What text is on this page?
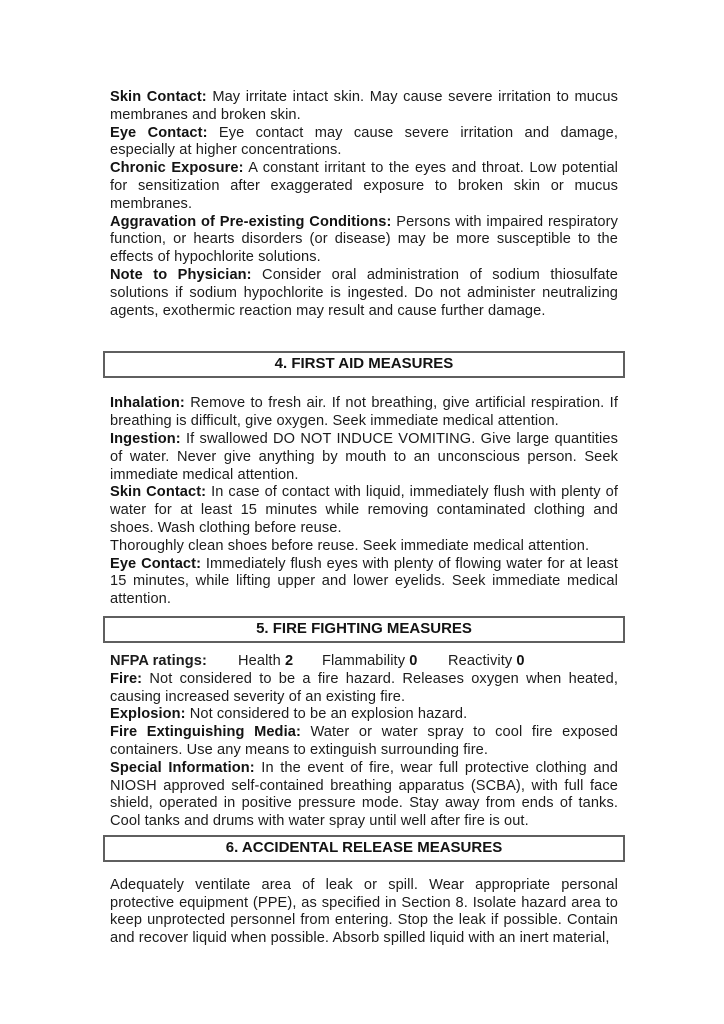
Skin Contact: May irritate intact skin. May cause severe irritation to mucus membranes and broken skin.

Eye Contact: Eye contact may cause severe irritation and damage, especially at higher concentrations.

Chronic Exposure: A constant irritant to the eyes and throat. Low potential for sensitization after exaggerated exposure to broken skin or mucus membranes.

Aggravation of Pre-existing Conditions: Persons with impaired respiratory function, or hearts disorders (or disease) may be more susceptible to the effects of hypochlorite solutions.

Note to Physician: Consider oral administration of sodium thiosulfate solutions if sodium hypochlorite is ingested. Do not administer neutralizing agents, exothermic reaction may result and cause further damage.

4. FIRST AID MEASURES

Inhalation: Remove to fresh air. If not breathing, give artificial respiration. If breathing is difficult, give oxygen. Seek immediate medical attention.

Ingestion: If swallowed DO NOT INDUCE VOMITING. Give large quantities of water. Never give anything by mouth to an unconscious person. Seek immediate medical attention.

Skin Contact: In case of contact with liquid, immediately flush with plenty of water for at least 15 minutes while removing contaminated clothing and shoes. Wash clothing before reuse.

Thoroughly clean shoes before reuse. Seek immediate medical attention.

Eye Contact: Immediately flush eyes with plenty of flowing water for at least 15 minutes, while lifting upper and lower eyelids. Seek immediate medical attention.

5. FIRE FIGHTING MEASURES

NFPA ratings: Health 2 Flammability 0 Reactivity 0

Fire: Not considered to be a fire hazard. Releases oxygen when heated, causing increased severity of an existing fire.

Explosion: Not considered to be an explosion hazard.

Fire Extinguishing Media: Water or water spray to cool fire exposed containers. Use any means to extinguish surrounding fire.

Special Information: In the event of fire, wear full protective clothing and NIOSH approved self-contained breathing apparatus (SCBA), with full face shield, operated in positive pressure mode. Stay away from ends of tanks. Cool tanks and drums with water spray until well after fire is out.

6. ACCIDENTAL RELEASE MEASURES

Adequately ventilate area of leak or spill. Wear appropriate personal protective equipment (PPE), as specified in Section 8. Isolate hazard area to keep unprotected personnel from entering. Stop the leak if possible. Contain and recover liquid when possible. Absorb spilled liquid with an inert material,
